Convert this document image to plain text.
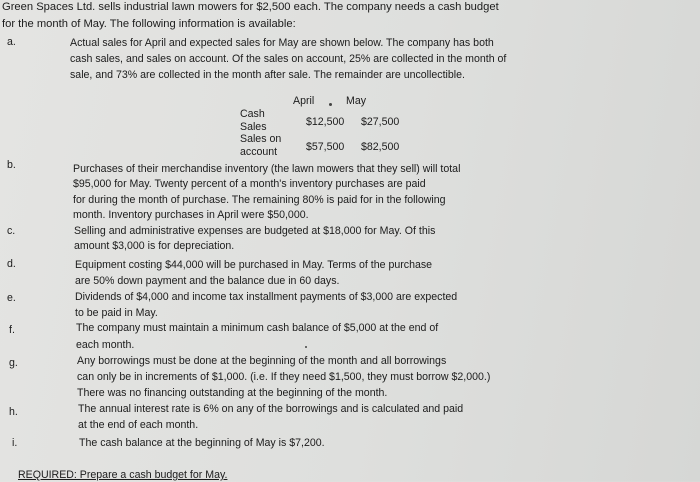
Green Spaces Ltd. sells industrial lawn mowers for $2,500 each. The company needs a cash budget
for the month of May. The following information is available:
a.	Actual sales for April and expected sales for May are shown below. The company has both
cash sales, and sales on account. Of the sales on account, 25% are collected in the month of
sale, and 73% are collected in the month after sale. The remainder are uncollectible.
April	May
Cash
Sales	$12,500 $27,500
Sales on
account	$57,500 $82,500
b.	Purchases of their merchandise inventory (the lawn mowers that they sell) will total
$95,000 for May. Twenty percent of a month's inventory purchases are paid
for during the month of purchase. The remaining 80% is paid for in the following
month. Inventory purchases in April were $50,000.
c.	Selling and administrative expenses are budgeted at $18,000 for May. Of this
amount $3,000 is for depreciation.
d.	Equipment costing $44,000 will be purchased in May. Terms of the purchase
are 50% down payment and the balance due in 60 days.
e.	Dividends of $4,000 and income tax installment payments of $3,000 are expected
to be paid in May.
f.	The company must maintain a minimum cash balance of $5,000 at the end of
each month.
g.	Any borrowings must be done at the beginning of the month and all borrowings
can only be in increments of $1,000. (i.e. If they need $1,500, they must borrow $2,000.)
There was no financing outstanding at the beginning of the month.
h.	The annual interest rate is 6% on any of the borrowings and is calculated and paid
at the end of each month.
i.	The cash balance at the beginning of May is $7,200.
REQUIRED: Prepare a cash budget for May.
